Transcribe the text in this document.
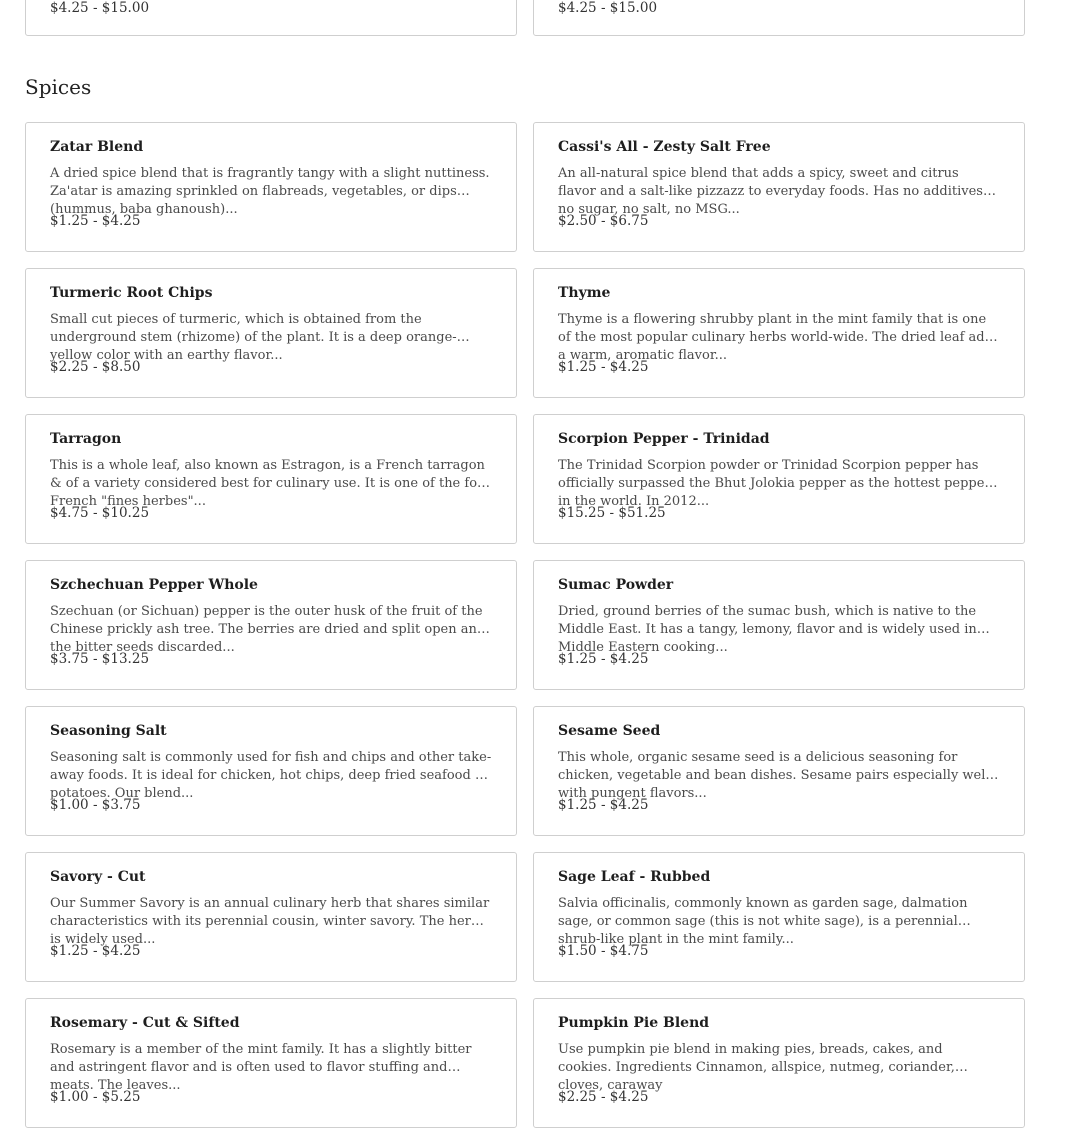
$4.25 - $15.00	$4.25 - $15.00
Spices
Zatar Blend
A dried spice blend that is fragrantly tangy with a slight nuttiness. Za'atar is amazing sprinkled on flabreads, vegetables, or dips (hummus, baba ghanoush)...
$1.25 - $4.25
Cassi's All - Zesty Salt Free
An all-natural spice blend that adds a spicy, sweet and citrus flavor and a salt-like pizzazz to everyday foods. Has no additives - no sugar, no salt, no MSG...
$2.50 - $6.75
Turmeric Root Chips
Small cut pieces of turmeric, which is obtained from the underground stem (rhizome) of the plant. It is a deep orange-yellow color with an earthy flavor...
$2.25 - $8.50
Thyme
Thyme is a flowering shrubby plant in the mint family that is one of the most popular culinary herbs world-wide. The dried leaf adds a warm, aromatic flavor...
$1.25 - $4.25
Tarragon
This is a whole leaf, also known as Estragon, is a French tarragon & of a variety considered best for culinary use. It is one of the four French "fines herbes"...
$4.75 - $10.25
Scorpion Pepper - Trinidad
The Trinidad Scorpion powder or Trinidad Scorpion pepper has officially surpassed the Bhut Jolokia pepper as the hottest pepper in the world. In 2012...
$15.25 - $51.25
Szchechuan Pepper Whole
Szechuan (or Sichuan) pepper is the outer husk of the fruit of the Chinese prickly ash tree. The berries are dried and split open and the bitter seeds discarded...
$3.75 - $13.25
Sumac Powder
Dried, ground berries of the sumac bush, which is native to the Middle East. It has a tangy, lemony, flavor and is widely used in Middle Eastern cooking...
$1.25 - $4.25
Seasoning Salt
Seasoning salt is commonly used for fish and chips and other take-away foods. It is ideal for chicken, hot chips, deep fried seafood or potatoes. Our blend...
$1.00 - $3.75
Sesame Seed
This whole, organic sesame seed is a delicious seasoning for chicken, vegetable and bean dishes. Sesame pairs especially well with pungent flavors...
$1.25 - $4.25
Savory - Cut
Our Summer Savory is an annual culinary herb that shares similar characteristics with its perennial cousin, winter savory. The herb is widely used...
$1.25 - $4.25
Sage Leaf - Rubbed
Salvia officinalis, commonly known as garden sage, dalmation sage, or common sage (this is not white sage), is a perennial shrub-like plant in the mint family...
$1.50 - $4.75
Rosemary - Cut & Sifted
Rosemary is a member of the mint family. It has a slightly bitter and astringent flavor and is often used to flavor stuffing and meats. The leaves...
$1.00 - $5.25
Pumpkin Pie Blend
Use pumpkin pie blend in making pies, breads, cakes, and cookies. Ingredients Cinnamon, allspice, nutmeg, coriander, cloves, caraway
$2.25 - $4.25
